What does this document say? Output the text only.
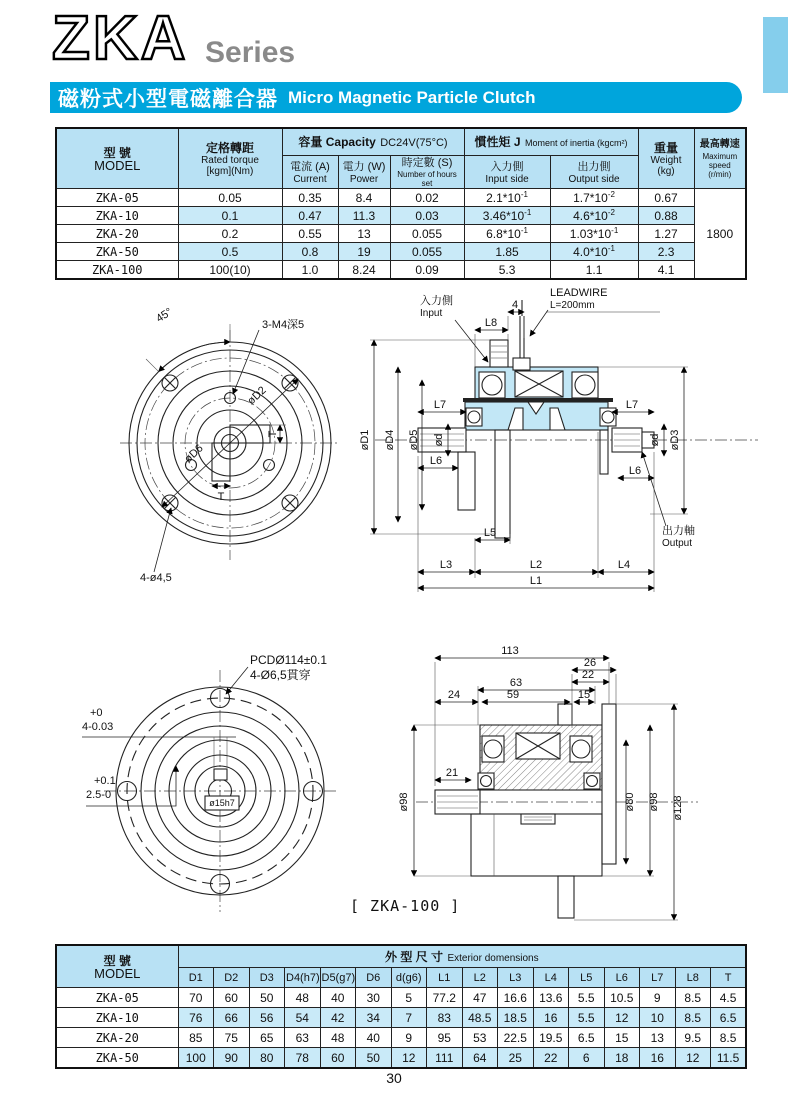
ZKA Series
磁粉式小型電磁離合器 Micro Magnetic Particle Clutch
型 號
MODEL	定格轉距
Rated torque
[kgm](Nm)	容量 Capacity DC24V(75°C)			慣性矩 J Moment of inertia (kgcm²)		重量
Weight
(kg)	最高轉速
Maximum speed
(r/min)

		電流 (A)
Current	電力 (W)
Power	時定數 (S)
Number of hours set	入力側
Input side	出力側
Output side		

ZKA-05	0.05	0.35	8.4	0.02	$2.1*10^{-1}$	$1.7*10^{-2}$	0.67	1800
ZKA-10	0.1	0.47	11.3	0.03	$3.46*10^{-1}$	$4.6*10^{-2}$	0.88	
ZKA-20	0.2	0.55	13	0.055	$6.8*10^{-1}$	$1.03*10^{-1}$	1.27	
ZKA-50	0.5	0.8	19	0.055	1.85	$4.0*10^{-1}$	2.3	
ZKA-100	100(10)	1.0	8.24	0.09	5.3	1.1	4.1	
45°	3-M4深5
øD6
øD2
T
T
4-ø4,5
øD1 øD4 øD5 ød
L8
4
入力側
Input
LEADWIRE
L=200mm
L7
L6
L7
L6
ød øD3
出力軸
Output
L5
L3	L2	L4
L1
PCDØ114±0.1
4-Ø6,5貫穿
+0
4-0.03
+0.1
2.5-0
ø15h7
113
26
22
63
59	15
24
21
ø98	ø80 ø98 ø128
[ ZKA-100 ]
型 號
MODEL	外 型 尺 寸 Exterior domensions															
	D1	D2	D3	D4(h7)	D5(g7)	D6	d(g6)	L1	L2	L3	L4	L5	L6	L7	L8	T
ZKA-05	70	60	50	48	40	30	5	77.2	47	16.6	13.6	5.5	10.5	9	8.5	4.5
ZKA-10	76	66	56	54	42	34	7	83	48.5	18.5	16	5.5	12	10	8.5	6.5
ZKA-20	85	75	65	63	48	40	9	95	53	22.5	19.5	6.5	15	13	9.5	8.5
ZKA-50	100	90	80	78	60	50	12	111	64	25	22	6	18	16	12	11.5
30
